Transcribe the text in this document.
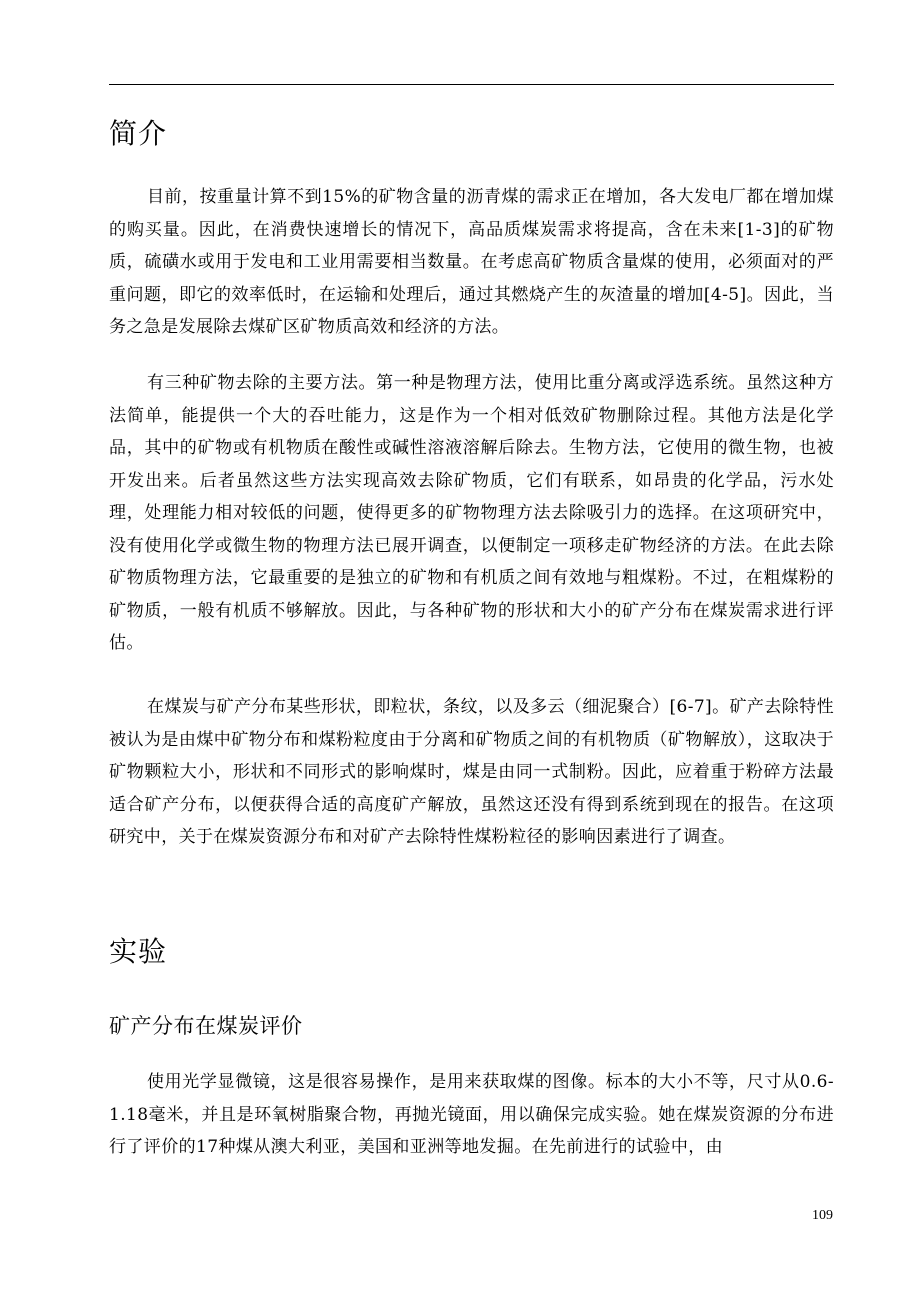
简介

目前，按重量计算不到15%的矿物含量的沥青煤的需求正在增加，各大发电厂都在增加煤的购买量。因此，在消费快速增长的情况下，高品质煤炭需求将提高，含在未来[1-3]的矿物质，硫磺水或用于发电和工业用需要相当数量。在考虑高矿物质含量煤的使用，必须面对的严重问题，即它的效率低时，在运输和处理后，通过其燃烧产生的灰渣量的增加[4-5]。因此，当务之急是发展除去煤矿区矿物质高效和经济的方法。

有三种矿物去除的主要方法。第一种是物理方法，使用比重分离或浮选系统。虽然这种方法简单，能提供一个大的吞吐能力，这是作为一个相对低效矿物删除过程。其他方法是化学品，其中的矿物或有机物质在酸性或碱性溶液溶解后除去。生物方法，它使用的微生物，也被开发出来。后者虽然这些方法实现高效去除矿物质，它们有联系，如昂贵的化学品，污水处理，处理能力相对较低的问题，使得更多的矿物物理方法去除吸引力的选择。在这项研究中，没有使用化学或微生物的物理方法已展开调查，以便制定一项移走矿物经济的方法。在此去除矿物质物理方法，它最重要的是独立的矿物和有机质之间有效地与粗煤粉。不过，在粗煤粉的矿物质，一般有机质不够解放。因此，与各种矿物的形状和大小的矿产分布在煤炭需求进行评估。

在煤炭与矿产分布某些形状，即粒状，条纹，以及多云（细泥聚合）[6-7]。矿产去除特性被认为是由煤中矿物分布和煤粉粒度由于分离和矿物质之间的有机物质（矿物解放），这取决于矿物颗粒大小，形状和不同形式的影响煤时，煤是由同一式制粉。因此，应着重于粉碎方法最适合矿产分布，以便获得合适的高度矿产解放，虽然这还没有得到系统到现在的报告。在这项研究中，关于在煤炭资源分布和对矿产去除特性煤粉粒径的影响因素进行了调查。

实验
矿产分布在煤炭评价

使用光学显微镜，这是很容易操作，是用来获取煤的图像。标本的大小不等，尺寸从0.6-1.18毫米，并且是环氧树脂聚合物，再抛光镜面，用以确保完成实验。她在煤炭资源的分布进行了评价的17种煤从澳大利亚，美国和亚洲等地发掘。在先前进行的试验中，由

109
